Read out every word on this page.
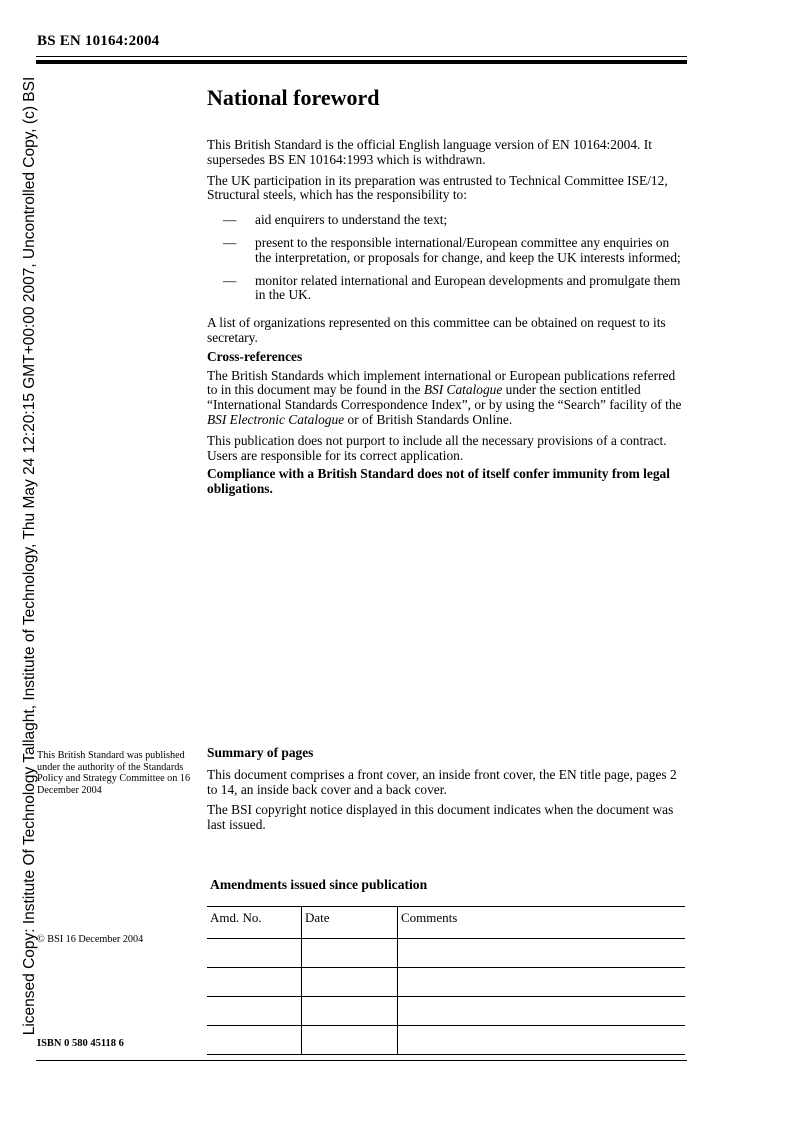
Licensed Copy: Institute Of Technology Tallaght, Institute of Technology, Thu May 24 12:20:15 GMT+00:00 2007, Uncontrolled Copy, (c) BSI
BS EN 10164:2004
National foreword

This British Standard is the official English language version of EN 10164:2004. It supersedes BS EN 10164:1993 which is withdrawn.

The UK participation in its preparation was entrusted to Technical Committee ISE/12, Structural steels, which has the responsibility to:

— aid enquirers to understand the text;
— present to the responsible international/European committee any enquiries on the interpretation, or proposals for change, and keep the UK interests informed;
— monitor related international and European developments and promulgate them in the UK.

A list of organizations represented on this committee can be obtained on request to its secretary.

Cross-references

The British Standards which implement international or European publications referred to in this document may be found in the BSI Catalogue under the section entitled “International Standards Correspondence Index”, or by using the “Search” facility of the BSI Electronic Catalogue or of British Standards Online.

This publication does not purport to include all the necessary provisions of a contract. Users are responsible for its correct application.

Compliance with a British Standard does not of itself confer immunity from legal obligations.

This British Standard was published under the authority of the Standards Policy and Strategy Committee on 16 December 2004

Summary of pages

This document comprises a front cover, an inside front cover, the EN title page, pages 2 to 14, an inside back cover and a back cover.

The BSI copyright notice displayed in this document indicates when the document was last issued.

Amendments issued since publication
Amd. No.	Date	Comments

© BSI 16 December 2004
ISBN 0 580 45118 6
